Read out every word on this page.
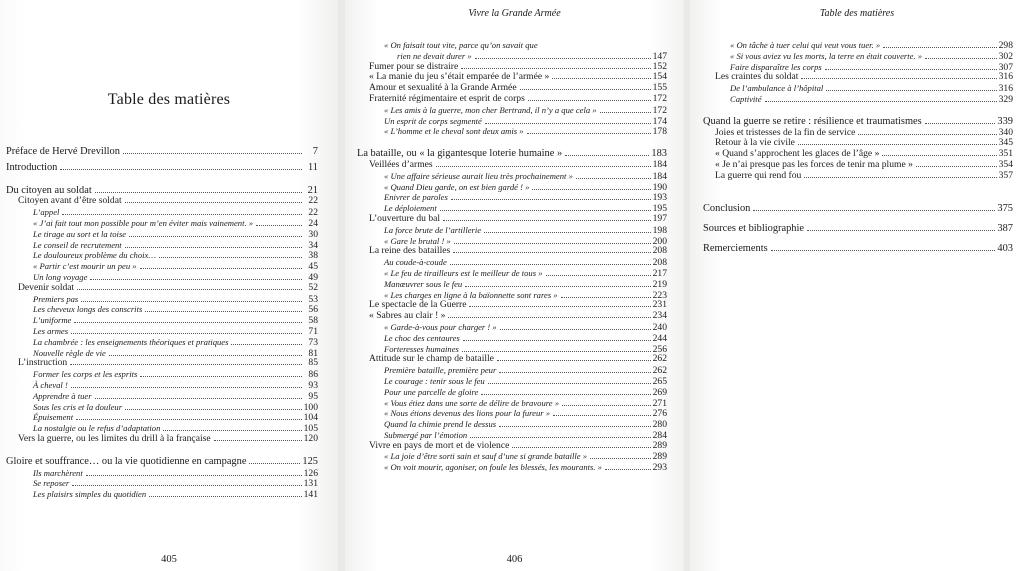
Table des matières
Préface de Hervé Drevillon	7
Introduction	11
Du citoyen au soldat	21
Citoyen avant d’être soldat	22
L’appel	22
« J’ai fait tout mon possible pour m’en éviter mais vainement. »	24
Le tirage au sort et la toise	30
Le conseil de recrutement	34
Le douloureux problème du choix…	38
« Partir c’est mourir un peu »	45
Un long voyage	49
Devenir soldat	52
Premiers pas	53
Les cheveux longs des conscrits	56
L’uniforme	58
Les armes	71
La chambrée : les enseignements théoriques et pratiques	73
Nouvelle règle de vie	81
L’instruction	85
Former les corps et les esprits	86
À cheval !	93
Apprendre à tuer	95
Sous les cris et la douleur	100
Épuisement	104
La nostalgie ou le refus d’adaptation	105
Vers la guerre, ou les limites du drill à la française	120
Gloire et souffrance… ou la vie quotidienne en campagne	125
Ils marchèrent	126
Se reposer	131
Les plaisirs simples du quotidien	141
405
Vivre la Grande Armée
« On faisait tout vite, parce qu’on savait que
rien ne devait durer »	147
Fumer pour se distraire	152
« La manie du jeu s’était emparée de l’armée »	154
Amour et sexualité à la Grande Armée	155
Fraternité régimentaire et esprit de corps	172
« Les amis à la guerre, mon cher Bertrand, il n’y a que cela »	172
Un esprit de corps segmenté	174
« L’homme et le cheval sont deux amis »	178
La bataille, ou « la gigantesque loterie humaine »	183
Veillées d’armes	184
« Une affaire sérieuse aurait lieu très prochainement »	184
« Quand Dieu garde, on est bien gardé ! »	190
Enivrer de paroles	193
Le déploiement	195
L’ouverture du bal	197
La force brute de l’artillerie	198
« Gare le brutal ! »	200
La reine des batailles	208
Au coude-à-coude	208
« Le feu de tirailleurs est le meilleur de tous »	217
Manœuvrer sous le feu	219
« Les charges en ligne à la baïonnette sont rares »	223
Le spectacle de la Guerre	231
« Sabres au clair ! »	234
« Garde-à-vous pour charger ! »	240
Le choc des centaures	244
Forteresses humaines	256
Attitude sur le champ de bataille	262
Première bataille, première peur	262
Le courage : tenir sous le feu	265
Pour une parcelle de gloire	269
« Vous étiez dans une sorte de délire de bravoure »	271
« Nous étions devenus des lions pour la fureur »	276
Quand la chimie prend le dessus	280
Submergé par l’émotion	284
Vivre en pays de mort et de violence	289
« La joie d’être sorti sain et sauf d’une si grande bataille »	289
« On voit mourir, agoniser, on foule les blessés, les mourants. »	293
406
Table des matières
« On tâche à tuer celui qui veut vous tuer. »	298
« Si vous aviez vu les morts, la terre en était couverte. »	302
Faire disparaître les corps	307
Les craintes du soldat	316
De l’ambulance à l’hôpital	316
Captivité	329
Quand la guerre se retire : résilience et traumatismes	339
Joies et tristesses de la fin de service	340
Retour à la vie civile	345
« Quand s’approchent les glaces de l’âge »	351
« Je n’ai presque pas les forces de tenir ma plume »	354
La guerre qui rend fou	357
Conclusion	375
Sources et bibliographie	387
Remerciements	403
